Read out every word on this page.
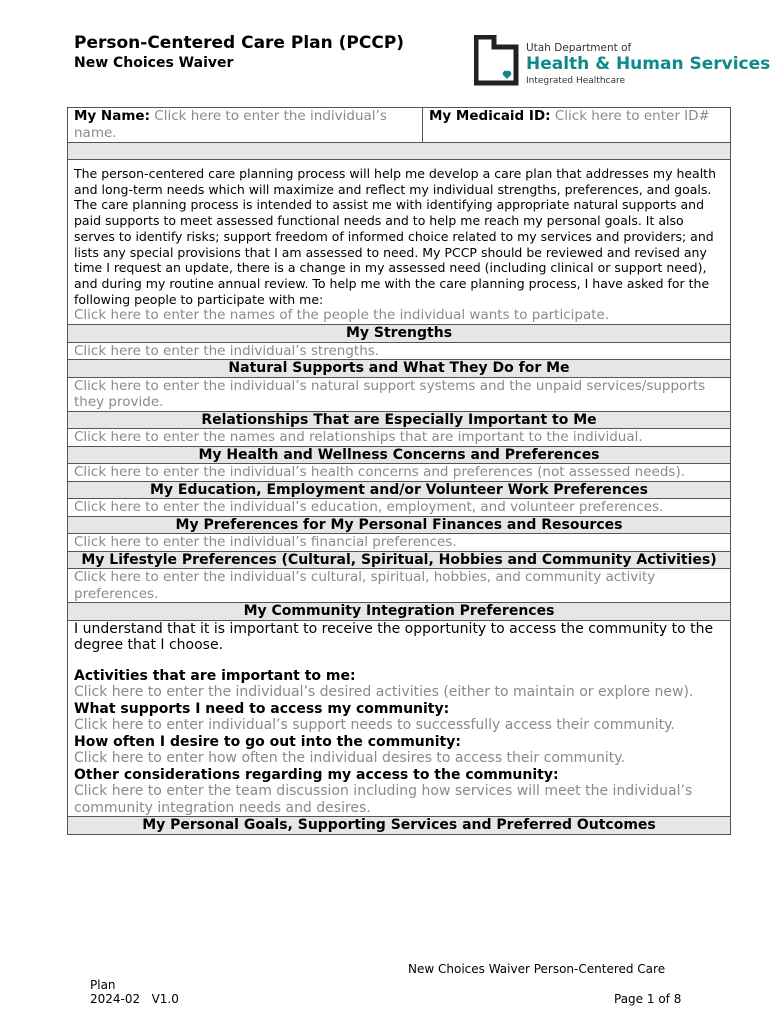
Person-Centered Care Plan (PCCP)
New Choices Waiver
Utah Department of
Health & Human Services
Integrated Healthcare
My Name: Click here to enter the individual’s name.	My Medicaid ID: Click here to enter ID#

The person-centered care planning process will help me develop a care plan that addresses my health and long-term needs which will maximize and reflect my individual strengths, preferences, and goals. The care planning process is intended to assist me with identifying appropriate natural supports and paid supports to meet assessed functional needs and to help me reach my personal goals. It also serves to identify risks; support freedom of informed choice related to my services and providers; and lists any special provisions that I am assessed to need. My PCCP should be reviewed and revised any time I request an update, there is a change in my assessed need (including clinical or support need), and during my routine annual review. To help me with the care planning process, I have asked for the following people to participate with me:
Click here to enter the names of the people the individual wants to participate.

My Strengths
Click here to enter the individual’s strengths.
Natural Supports and What They Do for Me
Click here to enter the individual’s natural support systems and the unpaid services/supports they provide.
Relationships That are Especially Important to Me
Click here to enter the names and relationships that are important to the individual.
My Health and Wellness Concerns and Preferences
Click here to enter the individual’s health concerns and preferences (not assessed needs).
My Education, Employment and/or Volunteer Work Preferences
Click here to enter the individual’s education, employment, and volunteer preferences.
My Preferences for My Personal Finances and Resources
Click here to enter the individual’s financial preferences.
My Lifestyle Preferences (Cultural, Spiritual, Hobbies and Community Activities)
Click here to enter the individual’s cultural, spiritual, hobbies, and community activity preferences.
My Community Integration Preferences

I understand that it is important to receive the opportunity to access the community to the degree that I choose.
Activities that are important to me:
Click here to enter the individual’s desired activities (either to maintain or explore new).
What supports I need to access my community:
Click here to enter individual’s support needs to successfully access their community.
How often I desire to go out into the community:
Click here to enter how often the individual desires to access their community.
Other considerations regarding my access to the community:
Click here to enter the team discussion including how services will meet the individual’s community integration needs and desires.

My Personal Goals, Supporting Services and Preferred Outcomes
New Choices Waiver Person-Centered Care
Plan
2024-02   V1.0	Page 1 of 8
